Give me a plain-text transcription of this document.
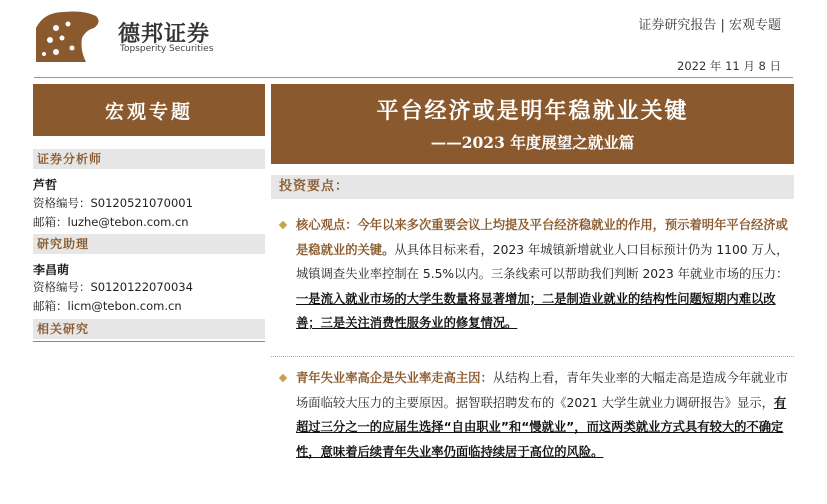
德邦证券
Topsperity Securities
证券研究报告 | 宏观专题
2022 年 11 月 8 日
宏观专题	平台经济或是明年稳就业关键
——2023 年度展望之就业篇
证券分析师
芦哲
资格编号：S0120521070001
邮箱：luzhe@tebon.com.cn
研究助理
李昌萌
资格编号：S0120122070034
邮箱：licm@tebon.com.cn
相关研究
投资要点：
核心观点：今年以来多次重要会议上均提及平台经济稳就业的作用，预示着明年平台经济或是稳就业的关键。从具体目标来看，2023 年城镇新增就业人口目标预计仍为 1100 万人，城镇调查失业率控制在 5.5%以内。三条线索可以帮助我们判断 2023 年就业市场的压力：一是流入就业市场的大学生数量将显著增加；二是制造业就业的结构性问题短期内难以改善；三是关注消费性服务业的修复情况。
青年失业率高企是失业率走高主因：从结构上看，青年失业率的大幅走高是造成今年就业市场面临较大压力的主要原因。据智联招聘发布的《2021 大学生就业力调研报告》显示，有超过三分之一的应届生选择“自由职业”和“慢就业”，而这两类就业方式具有较大的不确定性，意味着后续青年失业率仍面临持续居于高位的风险。
